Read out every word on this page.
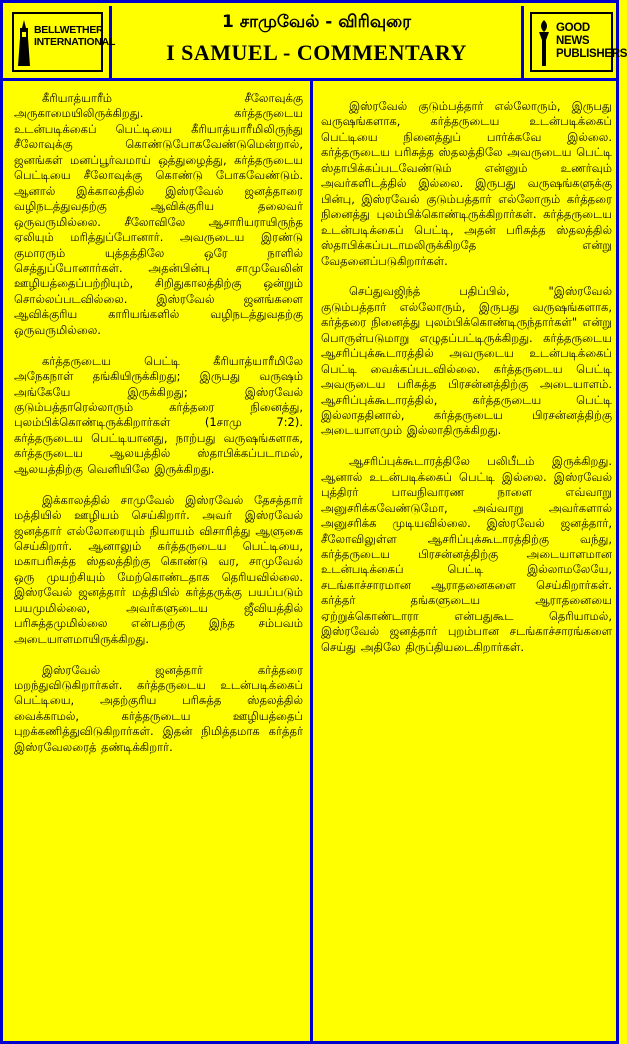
BELLWETHER INTERNATIONAL
1 சாமுவேல் - விரிவுரை
I SAMUEL - COMMENTARY
GOOD NEWS PUBLISHERS

கீரியாத்யாரீம் சீலோவுக்கு அருகாமையிலிருக்கிறது. கர்த்தருடைய உடன்படிக்கைப் பெட்டியை கீரியாத்யாரீமிலிருந்து சீலோவுக்கு கொண்டுபோகவேண்டுமென்றால், ஜனங்கள் மனப்பூர்வமாய் ஒத்துழைத்து, கர்த்தருடைய பெட்டியை சீலோவுக்கு கொண்டு போகவேண்டும். ஆனால் இக்காலத்தில் இஸ்ரவேல் ஜனத்தாரை வழிநடத்துவதற்கு ஆவிக்குரிய தலைவர் ஒருவருமில்லை. சீலோவிலே ஆசாரியராயிருந்த ஏலியும் மரித்துப்போனார். அவருடைய இரண்டு குமாரரும் யுத்தத்திலே ஒரே நாளில் செத்துப்போனார்கள். அதன்பின்பு சாமுவேலின் ஊழியத்தைப்பற்றியும், சிறிதுகாலத்திற்கு ஒன்றும் சொல்லப்படவில்லை. இஸ்ரவேல் ஜனங்களை ஆவிக்குரிய காரியங்களில் வழிநடத்துவதற்கு ஒருவருமில்லை.

கர்த்தருடைய பெட்டி கீரியாத்யாரீமிலே அநேகநாள் தங்கியிருக்கிறது; இருபது வருஷம் அங்கேயே இருக்கிறது; இஸ்ரவேல் குடும்பத்தாரெல்லாரும் கர்த்தரை நினைத்து, புலம்பிக்கொண்டிருக்கிறார்கள் (1சாமு 7:2). கர்த்தருடைய பெட்டியானது, நாற்பது வருஷங்களாக, கர்த்தருடைய ஆலயத்தில் ஸ்தாபிக்கப்படாமல், ஆலயத்திற்கு வெளியிலே இருக்கிறது.

இக்காலத்தில் சாமுவேல் இஸ்ரவேல் தேசத்தார் மத்தியில் ஊழியம் செய்கிறார். அவர் இஸ்ரவேல் ஜனத்தார் எல்லோரையும் நியாயம் விசாரித்து ஆளுகை செய்கிறார். ஆனாலும் கர்த்தருடைய பெட்டியை, மகாபரிசுத்த ஸ்தலத்திற்கு கொண்டு வர, சாமுவேல் ஒரு முயற்சியும் மேற்கொண்டதாக தெரியவில்லை. இஸ்ரவேல் ஜனத்தார் மத்தியில் கர்த்தருக்கு பயப்படும் பயமுமில்லை, அவர்களுடைய ஜீவியத்தில் பரிசுத்தமுமில்லை என்பதற்கு இந்த சம்பவம் அடையாளமாயிருக்கிறது.

இஸ்ரவேல் ஜனத்தார் கர்த்தரை மறந்துவிடுகிறார்கள். கர்த்தருடைய உடன்படிக்கைப் பெட்டியை, அதற்குரிய பரிசுத்த ஸ்தலத்தில் வைக்காமல், கர்த்தருடைய ஊழியத்தைப் புறக்கணித்துவிடுகிறார்கள். இதன் நிமித்தமாக கர்த்தர் இஸ்ரவேலரைத் தண்டிக்கிறார்.

இஸ்ரவேல் குடும்பத்தார் எல்லோரும், இருபது வருஷங்களாக, கர்த்தருடைய உடன்படிக்கைப் பெட்டியை நினைத்துப் பார்க்கவே இல்லை. கர்த்தருடைய பரிசுத்த ஸ்தலத்திலே அவருடைய பெட்டி ஸ்தாபிக்கப்படவேண்டும் என்னும் உணர்வும் அவர்களிடத்தில் இல்லை. இருபது வருஷங்களுக்கு பின்பு, இஸ்ரவேல் குடும்பத்தார் எல்லோரும் கர்த்தரை நினைத்து புலம்பிக்கொண்டிருக்கிறார்கள். கர்த்தருடைய உடன்படிக்கைப் பெட்டி, அதன் பரிசுத்த ஸ்தலத்தில் ஸ்தாபிக்கப்படாமலிருக்கிறதே என்று வேதனைப்படுகிறார்கள்.

செப்துவஜிந்த் பதிப்பில், "இஸ்ரவேல் குடும்பத்தார் எல்லோரும், இருபது வருஷங்களாக, கர்த்தரை நினைத்து புலம்பிக்கொண்டிருந்தார்கள்" என்று பொருள்படுமாறு எழுதப்பட்டிருக்கிறது. கர்த்தருடைய ஆசரிப்புக்கூடாரத்தில் அவருடைய உடன்படிக்கைப் பெட்டி வைக்கப்படவில்லை. கர்த்தருடைய பெட்டி அவருடைய பரிசுத்த பிரசன்னத்திற்கு அடையாளம். ஆசரிப்புக்கூடாரத்தில், கர்த்தருடைய பெட்டி இல்லாததினால், கர்த்தருடைய பிரசன்னத்திற்கு அடையாளமும் இல்லாதிருக்கிறது.

ஆசரிப்புக்கூடாரத்திலே பலிபீடம் இருக்கிறது. ஆனால் உடன்படிக்கைப் பெட்டி இல்லை. இஸ்ரவேல் புத்திரர் பாவநிவாரண நாளை எவ்வாறு அனுசரிக்கவேண்டுமோ, அவ்வாறு அவர்களால் அனுசரிக்க முடியவில்லை. இஸ்ரவேல் ஜனத்தார், சீலோவிலுள்ள ஆசரிப்புக்கூடாரத்திற்கு வந்து, கர்த்தருடைய பிரசன்னத்திற்கு அடையாளமான உடன்படிக்கைப் பெட்டி இல்லாமலேயே, சடங்காச்சாரமான ஆராதனைகளை செய்கிறார்கள். கர்த்தர் தங்களுடைய ஆராதனையை ஏற்றுக்கொண்டாரா என்பதுகூட தெரியாமல், இஸ்ரவேல் ஜனத்தார் புறம்பான சடங்காச்சாரங்களை செய்து அதிலே திருப்தியடைகிறார்கள்.
